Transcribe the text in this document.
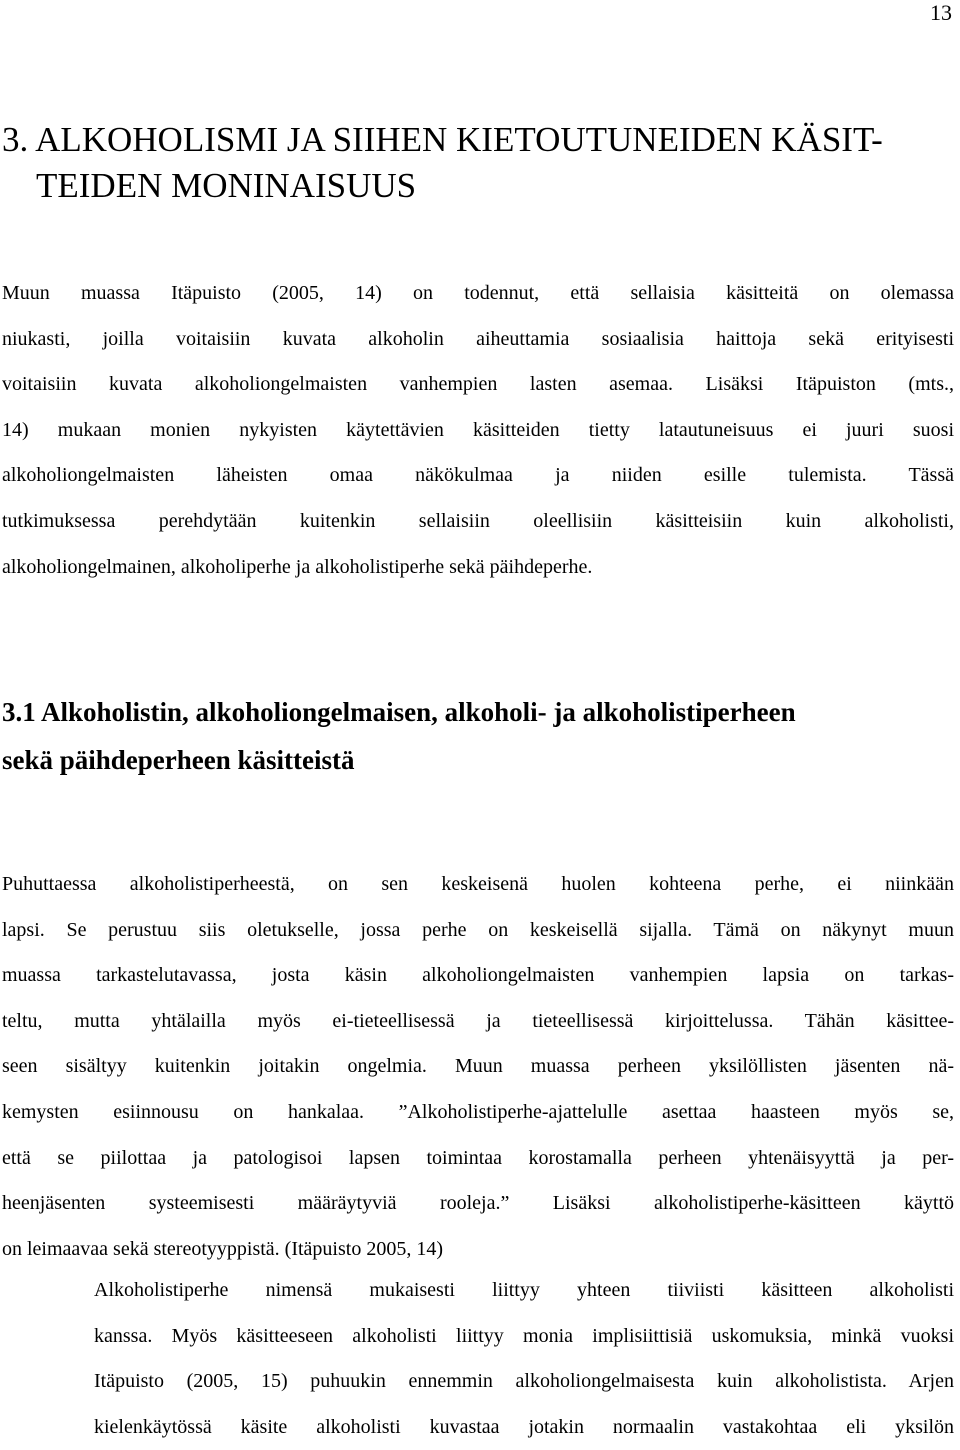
13
3. ALKOHOLISMI JA SIIHEN KIETOUTUNEIDEN KÄSIT-
TEIDEN MONINAISUUS
Muun muassa Itäpuisto (2005, 14) on todennut, että sellaisia käsitteitä on olemassa
niukasti, joilla voitaisiin kuvata alkoholin aiheuttamia sosiaalisia haittoja sekä erityisesti
voitaisiin kuvata alkoholiongelmaisten vanhempien lasten asemaa. Lisäksi Itäpuiston (mts.,
14) mukaan monien nykyisten käytettävien käsitteiden tietty latautuneisuus ei juuri suosi
alkoholiongelmaisten läheisten omaa näkökulmaa ja niiden esille tulemista. Tässä
tutkimuksessa perehdytään kuitenkin sellaisiin oleellisiin käsitteisiin kuin alkoholisti,
alkoholiongelmainen, alkoholiperhe ja alkoholistiperhe sekä päihdeperhe.
3.1 Alkoholistin, alkoholiongelmaisen, alkoholi- ja alkoholistiperheen
sekä päihdeperheen käsitteistä
Puhuttaessa alkoholistiperheestä, on sen keskeisenä huolen kohteena perhe, ei niinkään
lapsi. Se perustuu siis oletukselle, jossa perhe on keskeisellä sijalla. Tämä on näkynyt muun
muassa tarkastelutavassa, josta käsin alkoholiongelmaisten vanhempien lapsia on tarkas-
teltu, mutta yhtälailla myös ei-tieteellisessä ja tieteellisessä kirjoittelussa. Tähän käsittee-
seen sisältyy kuitenkin joitakin ongelmia. Muun muassa perheen yksilöllisten jäsenten nä-
kemysten esiinnousu on hankalaa. ”Alkoholistiperhe-ajattelulle asettaa haasteen myös se,
että se piilottaa ja patologisoi lapsen toimintaa korostamalla perheen yhtenäisyyttä ja per-
heenjäsenten systeemisesti määräytyviä rooleja.” Lisäksi alkoholistiperhe-käsitteen käyttö
on leimaavaa sekä stereotyyppistä. (Itäpuisto 2005, 14)
Alkoholistiperhe nimensä mukaisesti liittyy yhteen tiiviisti käsitteen alkoholisti
kanssa. Myös käsitteeseen alkoholisti liittyy monia implisiittisiä uskomuksia, minkä vuoksi
Itäpuisto (2005, 15) puhuukin ennemmin alkoholiongelmaisesta kuin alkoholistista. Arjen
kielenkäytössä käsite alkoholisti kuvastaa jotakin normaalin vastakohtaa eli yksilön
